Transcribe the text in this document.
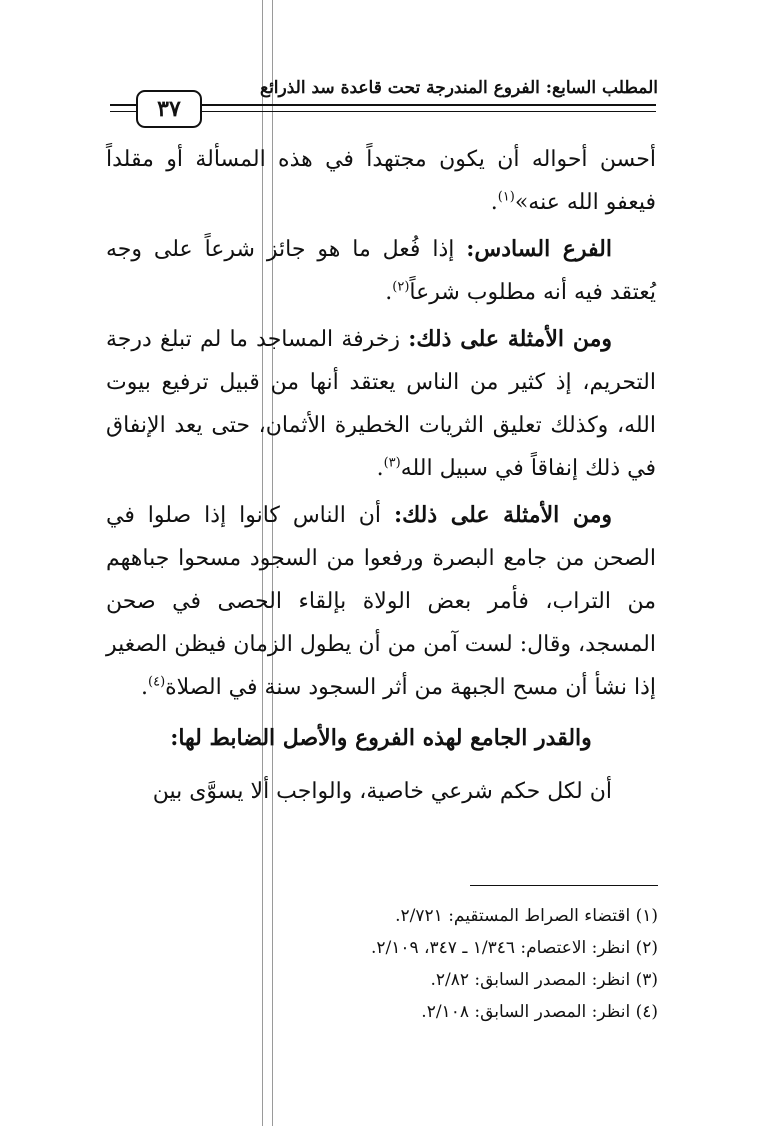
المطلب السابع: الفروع المندرجة تحت قاعدة سد الذرائع
٣٧

أحسن أحواله أن يكون مجتهداً في هذه المسألة أو مقلداً فيعفو الله عنه»$^{(١)}$.

الفرع السادس: إذا فُعل ما هو جائز شرعاً على وجه يُعتقد فيه أنه مطلوب شرعاً$^{(٢)}$.

ومن الأمثلة على ذلك: زخرفة المساجد ما لم تبلغ درجة التحريم، إذ كثير من الناس يعتقد أنها من قبيل ترفيع بيوت الله، وكذلك تعليق الثريات الخطيرة الأثمان، حتى يعد الإنفاق في ذلك إنفاقاً في سبيل الله$^{(٣)}$.

ومن الأمثلة على ذلك: أن الناس كانوا إذا صلوا في الصحن من جامع البصرة ورفعوا من السجود مسحوا جباههم من التراب، فأمر بعض الولاة بإلقاء الحصى في صحن المسجد، وقال: لست آمن من أن يطول الزمان فيظن الصغير إذا نشأ أن مسح الجبهة من أثر السجود سنة في الصلاة$^{(٤)}$.

والقدر الجامع لهذه الفروع والأصل الضابط لها:

أن لكل حكم شرعي خاصية، والواجب ألا يسوَّى بين

(١) اقتضاء الصراط المستقيم: ٢/٧٢١.
(٢) انظر: الاعتصام: ١/٣٤٦ ـ ٣٤٧، ٢/١٠٩.
(٣) انظر: المصدر السابق: ٢/٨٢.
(٤) انظر: المصدر السابق: ٢/١٠٨.
